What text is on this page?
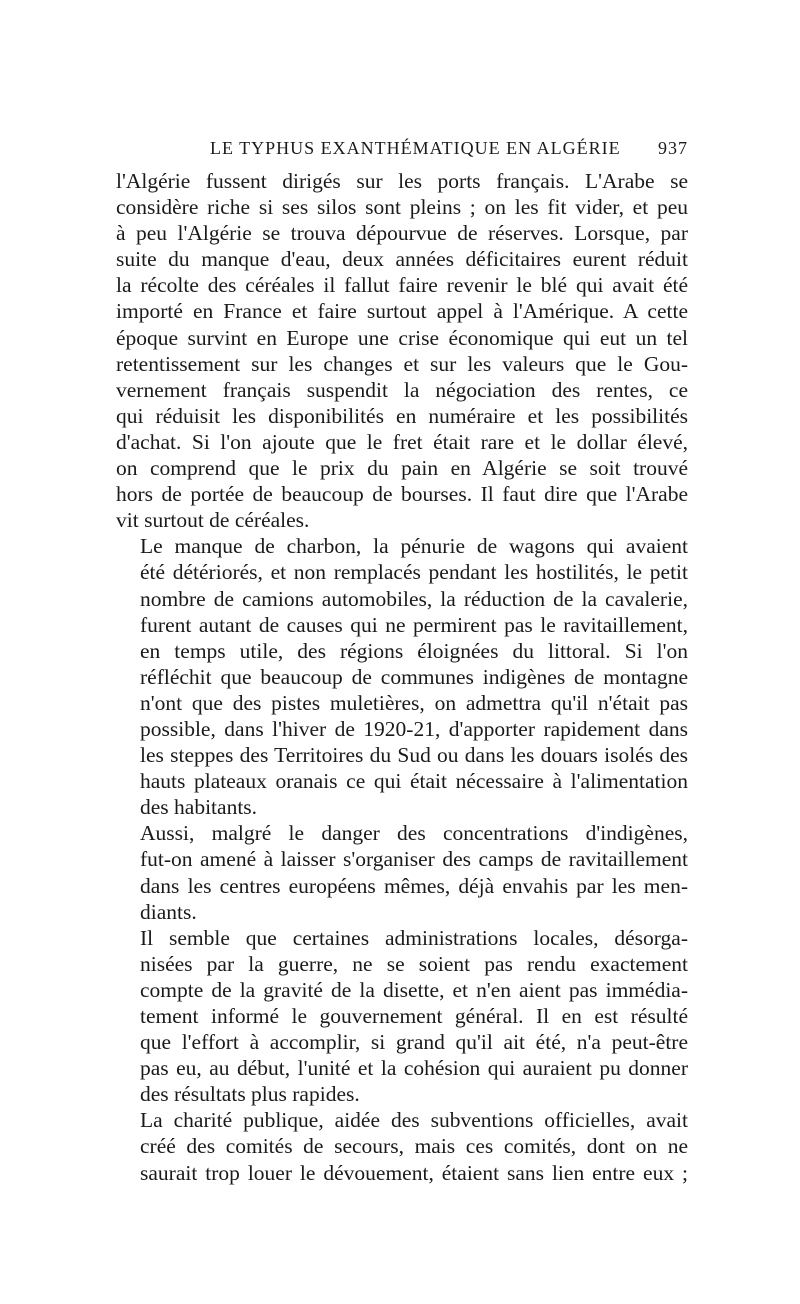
LE TYPHUS EXANTHÉMATIQUE EN ALGÉRIE 937

l'Algérie fussent dirigés sur les ports français. L'Arabe se
considère riche si ses silos sont pleins ; on les fit vider, et peu
à peu l'Algérie se trouva dépourvue de réserves. Lorsque, par
suite du manque d'eau, deux années déficitaires eurent réduit
la récolte des céréales il fallut faire revenir le blé qui avait été
importé en France et faire surtout appel à l'Amérique. A cette
époque survint en Europe une crise économique qui eut un tel
retentissement sur les changes et sur les valeurs que le Gou-
vernement français suspendit la négociation des rentes, ce
qui réduisit les disponibilités en numéraire et les possibilités
d'achat. Si l'on ajoute que le fret était rare et le dollar élevé,
on comprend que le prix du pain en Algérie se soit trouvé
hors de portée de beaucoup de bourses. Il faut dire que l'Arabe
vit surtout de céréales.

Le manque de charbon, la pénurie de wagons qui avaient
été détériorés, et non remplacés pendant les hostilités, le petit
nombre de camions automobiles, la réduction de la cavalerie,
furent autant de causes qui ne permirent pas le ravitaillement,
en temps utile, des régions éloignées du littoral. Si l'on
réfléchit que beaucoup de communes indigènes de montagne
n'ont que des pistes muletières, on admettra qu'il n'était pas
possible, dans l'hiver de 1920-21, d'apporter rapidement dans
les steppes des Territoires du Sud ou dans les douars isolés des
hauts plateaux oranais ce qui était nécessaire à l'alimentation
des habitants.

Aussi, malgré le danger des concentrations d'indigènes,
fut-on amené à laisser s'organiser des camps de ravitaillement
dans les centres européens mêmes, déjà envahis par les men-
diants.

Il semble que certaines administrations locales, désorga-
nisées par la guerre, ne se soient pas rendu exactement
compte de la gravité de la disette, et n'en aient pas immédia-
tement informé le gouvernement général. Il en est résulté
que l'effort à accomplir, si grand qu'il ait été, n'a peut-être
pas eu, au début, l'unité et la cohésion qui auraient pu donner
des résultats plus rapides.

La charité publique, aidée des subventions officielles, avait
créé des comités de secours, mais ces comités, dont on ne
saurait trop louer le dévouement, étaient sans lien entre eux ;
